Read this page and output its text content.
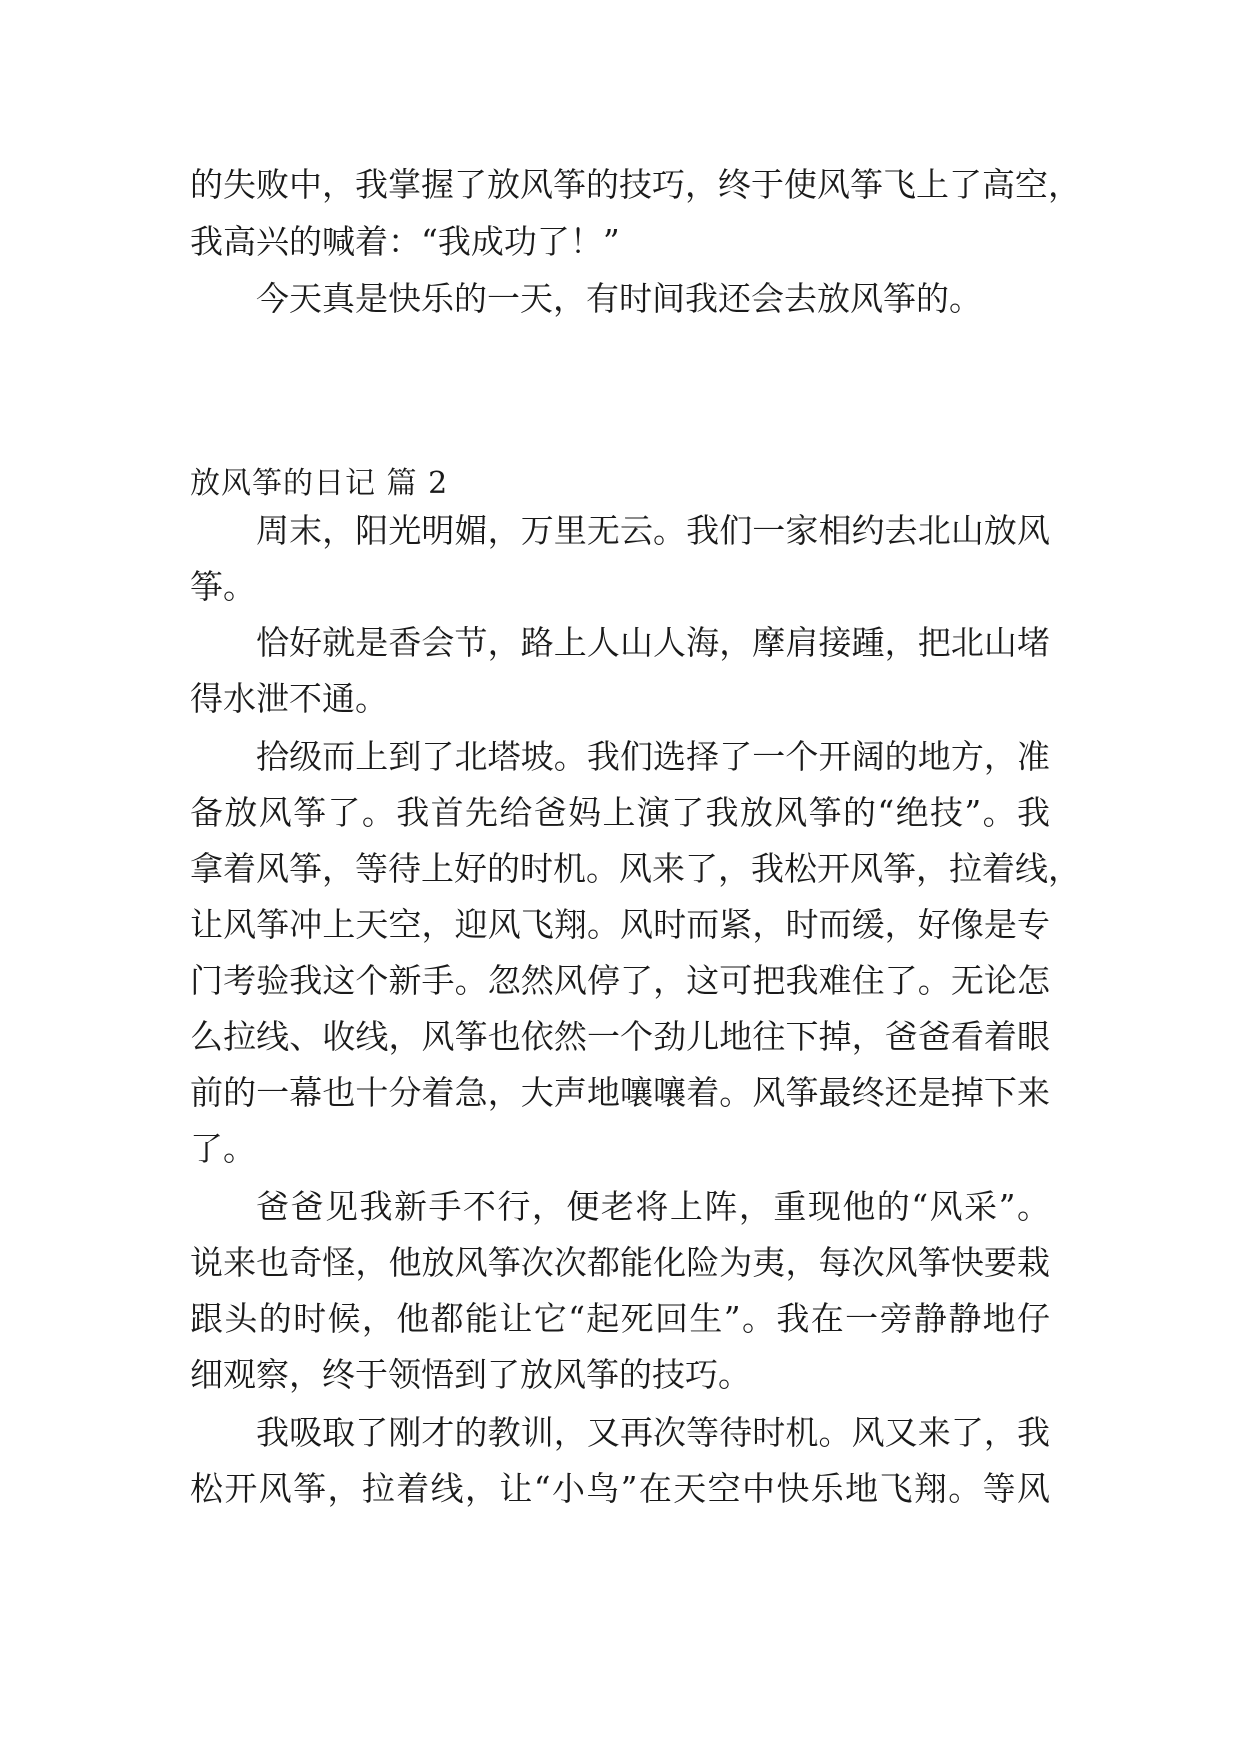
的失败中，我掌握了放风筝的技巧，终于使风筝飞上了高空，
我高兴的喊着：“我成功了！”
今天真是快乐的一天，有时间我还会去放风筝的。
放风筝的日记 篇 2
周末，阳光明媚，万里无云。我们一家相约去北山放风
筝。
恰好就是香会节，路上人山人海，摩肩接踵，把北山堵
得水泄不通。
拾级而上到了北塔坡。我们选择了一个开阔的地方，准
备放风筝了。我首先给爸妈上演了我放风筝的“绝技”。我
拿着风筝，等待上好的时机。风来了，我松开风筝，拉着线，
让风筝冲上天空，迎风飞翔。风时而紧，时而缓，好像是专
门考验我这个新手。忽然风停了，这可把我难住了。无论怎
么拉线、收线，风筝也依然一个劲儿地往下掉，爸爸看着眼
前的一幕也十分着急，大声地嚷嚷着。风筝最终还是掉下来
了。
爸爸见我新手不行，便老将上阵，重现他的“风采”。
说来也奇怪，他放风筝次次都能化险为夷，每次风筝快要栽
跟头的时候，他都能让它“起死回生”。我在一旁静静地仔
细观察，终于领悟到了放风筝的技巧。
我吸取了刚才的教训，又再次等待时机。风又来了，我
松开风筝，拉着线，让“小鸟”在天空中快乐地飞翔。等风
